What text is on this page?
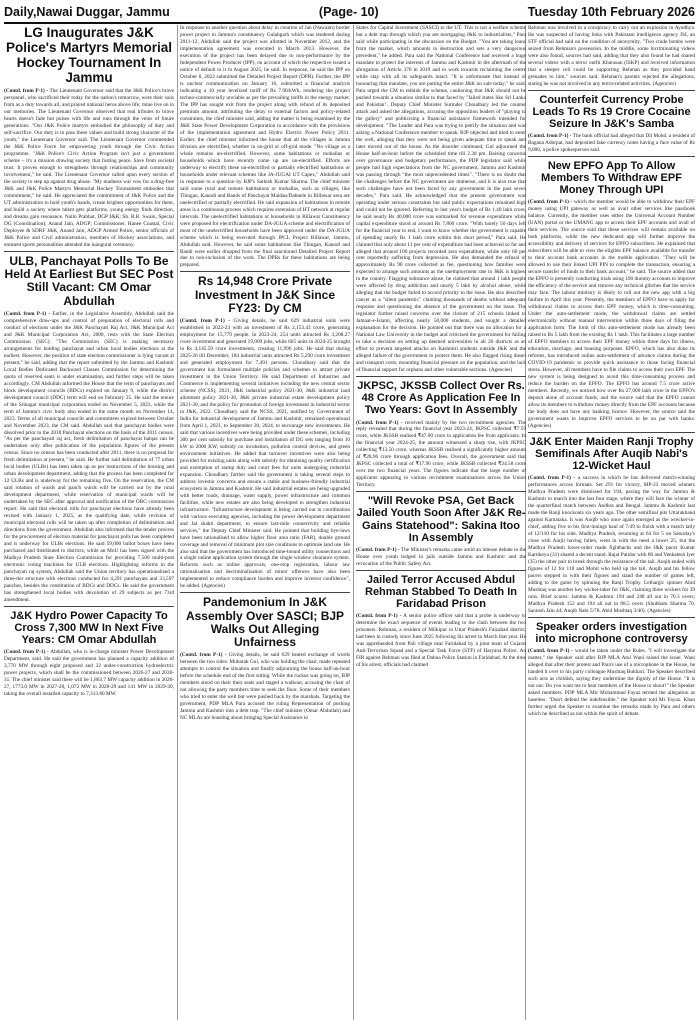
Daily,Nawai Duggar, Jammu	(Page- 10)	Tuesday 10th February 2026
LG Inaugurates J&K Police's Martyrs Memorial Hockey Tournament In Jammu

(Contd. from P-1) - The Lieutenant Governor said that the J&K Police's brave personnel, who sacrificed their today for the nation's tomorrow, were their sons from as a duty towards all, and prayed national heros above life; mine live on in our memories. The Lieutenant Governor observed that real tributes to brave hearts doesn't fade but pulses with life and runs through the veins of future generations. "Our J&K Police martyrs embodied the philosophy of duty and self-sacrifice. Our duty is to pass these values and build strong character of the youth," the Lieutenant Governor said. The Lieutenant Governor commended the J&K Police Force for empowering youth through the Civic Action programme. "J&K Police's Civic Action Program isn't just a government scheme – it's a mission drawing society that fosting peace. Save from societal trust. It proves enough to strengthens through relationships and community involvement," he said. The Lieutenant Governor called upon every section of the society to step up against drug abuse. "My madness war vow for a drug-free J&K and J&K Police Martyrs Memorial Hockey Tournament embodies that commitment," he said. He appreciated the commitment of J&K Police and the UT administration to hold youth's hands, create brighter opportunities for them, and build a society where talent gets platforms, young energy finds direction, and dreams gain resonance. Nalin Prabhat, DGP J&K; Sh. R.R. Swain, Special DG (Coordination); Anand Jain, ADGP; Commissioner, Hanee Coastal, Civic Deployee & SDRF J&K, Anand Jain, ADGP Armed Police, senior officials of J&K Police and Civil administration, members of Hockey associations, and eminent sports personalities attended the inaugural ceremony.

ULB, Panchayat Polls To Be Held At Earliest But SEC Post Still Vacant: CM Omar Abdullah

(Contd. from P-1) - Earlier, in the Legislative Assembly, Abdullah said the comprehensive draw-ups and control of preparation of electoral rolls and conduct of elections under the J&K Panchayati Raj Act, J&K Municipal Act and J&K Municipal Corporation Act, 2000, rests with the State Election Commission (SEC). "The Commission (SEC) is making necessary arrangements for holding panchayat and urban local bodies elections at the earliest. However, the position of state election commissioner is lying vacant at present," he said, adding that the report submitted by the Jammu and Kashmir Local Bodies Dedicated Backward Classes Commission for determining the quota of reserved seats is under examination, and further steps will be taken accordingly. CM Abdullah informed the House that the term of panchayats and block development councils (BDCs) expired on January 9, while the district development council (DDC) term will end on February 25. He said the tenure of the Srinagar municipal corporation ended on November 5, 2023, while the term of Jammu's civic body also ended in the same month on November 14, 2023. Terms of all municipal councils and committees expired between October and November 2023, the CM said. Abdullah said that panchayat bodies were dissolved prior to the 2018 Panchayat elections on the basis of the 2011 census. "As per the panchayati raj act, fresh delimitation of panchayat halqas can be undertaken only after publication of the population figures of the present census. Since no census has been conducted after 2011, there is no proposal for fresh delimitation at present," he said. He further said delimitation of 77 urban local bodies (ULBs) has been taken up as per instructions of the housing and urban development department, adding that the process has been completed for 12 ULBs and is underway for the remaining five. On the reservation, the CM said rotation of wards and panch wards will be carried out by the rural development department, while reservation of municipal wards will be undertaken by the SEC after approval and notification of the OBC commission report. He said that electoral rolls for panchayat elections have already been revised with January 1, 2025, as the qualifying date, while revision of municipal electoral rolls will be taken up after completion of delimitation and directions from the government. Abdullah also informed that the tender process for the procurement of election material for panchayat polls has been completed and is underway for ULBs elections. He said 59,000 ballot boxes have been purchased and distributed to districts, while an MoU has been signed with the Madhya Pradesh State Election Commission for providing 7,500 multi-post electronic voting machines for ULB elections. Highlighting reforms in the panchayati raj system, Abdullah said the Union territory has operationalised a three-tier structure with elections conducted for 4,291 panchayats and 33,597 panches, besides the constitution of BDCs and DDCs. He said the government has strengthened local bodies with devolution of 29 subjects as per 73rd amendment.

J&K Hydro Power Capacity To Cross 7,300 MW In Next Five Years: CM Omar Abdullah

(Contd. from P-1) - Abdullah, who is in-charge minister Power Development Department, said. He said the government has planned a capacity addition of 3,770 MW through eight proposed and 32 under-construction hydroelectric power projects, which shall be the commissioned between 2026-27 and 2030-31. The chief minister said there will be 1,863.7 MW capacity addition in 2026-27, 1773.0 MW in 2027-28, 1,072 MW in 2028-29 and 141 MW in 2029-30, taking the overall installed capacity to 7,313.80 MW.

In response to another question about delay in creation of Jan (Nawaim) border power project in Jammu's constituency Gulabgarh which was tendered during 2011-12, Abdullah said the project was allotted in November 2012, and the implementation agreement was executed in March 2013. However, the execution of the project has been delayed due to non-performance by the Independent Power Producer (IPP), on account of which the respective issued a notice of default to it in August 2025, he said. In response, he said the IPP on October 8, 2022 submitted the Detailed Project Report (DPR). Further, the IPP is unclear communication on January 16, submitted a financial analysis indicating a 10 year levelized tariff of Rs 7.90/kWh, rendering the project techno-commercially unviable as per the prevailing tariffs in the energy market. The IPP has sought exit from the project along with refund of its deposited premium amount, attributing the delay to external factors and policy-related constraints, the chief minister said, adding the matter is being examined by the J&K State Power Development Corporation in accordance with the provisions of the implementation agreement and Hydro Electric Power Policy 2011. Earlier, the chief minister informed the house that all the villages in Jammu division are electrified, whether in on-grid or off-grid mode. "No village as a whole remains un-electrified. However, some habitations or mohallas or households which have recently come up are un-electrified. Efforts are underway to electrify these un-electrified or partially electrified habitations or households under relevant schemes like JA-JUGAI UT Capex," Abdullah said in response to a question by BJP's Sathish Kumar Sharma. The chief minister said some rural and remote habitations or mohallas, such as villages, like Thingan, Kanodi and Bands of Panchayat Maidan/Dabnele in Billawar area are unelectrified or partially electrified. He said expansion of habitations in remote areas is a continuous process which requires extension of HT network at regular intervals. The unelectrified habitations or households in Billawar Constituency were proposed for electrification under DA-JGUA scheme and electrification of most of the unelectrified households have been approved under the DA-JGUA scheme which is being executed through JPCL Project Billawar, Jammu, Abdullah said. However, he said some habitations like Thingan, Kanodi and Bandi were earlier dropped from the final sanctioned Detailed Project Report due to non-inclusion of the work. The DPRs for these habitations are being prepared.

Rs 14,948 Crore Private Investment In J&K Since FY23: Dy CM

(Contd. from P-1) - Giving details, he said 629 industrial units were established in 2022-23 with an investment of Rs 2,153.43 crore, generating employment for 15,779 people. In 2023-24, 254 units attracted Rs 3,208.27 crore investment and generated 19,909 jobs, while 605 units in 2024-25 brought in Rs 4,145.59 crore investments, creating 11,996 jobs. He said that during 2025-26 till December, 184 industrial units attracted Rs 5,290 crore investment and generated employment for 7,491 persons. Choudhary said that the government has formulated multiple policies and schemes to attract private investment in the Union Territory. He said Department of Industries and Commerce is implementing several initiatives including the new central sector scheme (NCSS), 2021, J&K industrial policy 2021-30, J&K industrial land allotment policy 2021-30, J&K private industrial estate development policy 2021-30, and the policy for promotion of foreign investment in industrial sector in J&K, 2022. Choudhary said the NCSS, 2021, notified by Government of India for industrial development of Jammu and Kashmir, remained operational from April 1, 2021, to September 30, 2024, to encourage new investments. He said that various incentives were being provided under these schemes, including 300 per cent subsidy for purchase and installation of DG sets ranging from 10 kW to 2000 KW, subsidy on incubation, pollution control devices, and green environment initiatives. He added that turnover incentives were also being provided for existing units along with subsidy for obtaining quality certification and exemption of stamp duty and court fees for units undergoing industrial expansion. Choudhary further said the government is taking several steps to address investor concerns and ensure a stable and business-friendly industrial ecosystem in Jammu and Kashmir. He said industrial estates are being upgraded with better roads, drainage, water supply, power infrastructure and common facilities, while new estates are also being developed to strengthen industrial infrastructure. "Infrastructure development is being carried out in coordination with various executing agencies, including the power development department and Jal shakti department, to ensure last-mile connectivity and reliable services," the Deputy Chief Minister said. He pointed that building bye-laws have been rationalised to allow higher floor area ratio (FAR), double ground coverage and removal of minimum plot size conditions to optimise land use. He also said that the government has introduced time-bound utility connections and a single online application system through the single window clearance system. Reforms such as online approvals, one-stop registration, labour law rationalisation and decriminalisation of minor offences have also been implemented to reduce compliance burden and improve investor confidence", he added. (Agencies)

Pandemonium In J&K Assembly Over SASCI; BJP Walks Out Alleging Unfairness

(Contd. from P-1) - Giving details, he said 629 heated exchange of words between the two sides. Mubarak Gul, who was holding the chair, made repeated attempts to control the situation and finally adjourning the house half-an-hour before the schedule end of the first sitting. While the ruckus was going on, BJP members stood on their their seats and staged a walkout, accusing the chair of not allowing the party members time to seek the floor. Some of their members who tried to enter the well but were pushed back by the marshals. Targeting the government, PDP MLA Para accused the ruling Representation of pushing Jammu and Kashmir into a debt trap. "The chief minister (Omar Abdullah) and NC MLAs are boasting about bringing Special Assistance to

States for Capital Investment (SASCI) to the UT. This is not a welfare scheme but a debt trap through which you are mortgaging J&K to industrialists," Para said while participating in the discussion on the Budget. "You are taking loans from the market, which amounts to destruction and sets a very dangerous precedent," he added. Para said the National Conference had received a huge mandate to protect the interests of Jammu and Kashmir in the aftermath of the abrogation of Article 370 in 2019 and to work towards reclaiming the centre while stay with all its safeguards intact. "It is unfortunate that instead of honouring that mandate, you are putting the entire J&K on sale today," he said. Para urged the CM to rethink the scheme, cautioning that J&K should not be pushed towards a situation similar to that faced by "failed states like Sri Lanka and Pakistan". Deputy Chief Minister Surinder Choudhary led the counter attack and asked the allegations, accusing the opposition leaders of "playing to the gallery" and politicising a financial assistance framework intended for development. "The Leader and Para was trying to petrify the situation and was asking a National Conference member to speak. BJP objected and tried to enter the well, alleging that they were not being given adequate time to speak and later moved out of the house. As the disorder continued, Gul adjourned the House half-an-hour before the scheduled time till 2.30 pm. Raising concerns over governance and budgetary performance, the PDP legislator said while people had high expectations from the NC government, Jammu and Kashmir was passing through "the most unprecedented times". "There is no doubt that the challenges before the NC government are immense, and it is also true that such challenges have not been faced by any government in the past seven decades," Para said. He acknowledged that the present government was operating under serious constraints but said public expectations remained high and could not be ignored. Referring to last year's budget of Rs 1.40 lakh crore, he said nearly Rs 40,000 crore was earmarked for revenue expenditure while capital expenditure stood at around Rs 7,800 crore. "With barely 50 days left for the financial year to end, I want to know whether the government is capable of spending nearly Rs 1 lakh crore within this short period," Para said. He claimed that only about 11 per cent of expenditure had been achieved so far and alleged that around 100 projects recorded zero expenditure, while only 60 per cent reportedly suffering from depression. He also demanded the refusal of approximately Rs 90 crore collected as fee, questioning how families were expected to arrange such amounts as the unemployment rate in J&K is highest in the country. Flagging substance abuse, he claimed that around 1 lakh people were affected by drug addiction and nearly 5 lakh by alcohol abuse, while alleging that the budget failed to accord priority to the issue. He also described cancer as a "silent pandemic" claiming thousands of deaths without adequate response and questioning the absence of the government on the issue. The legislator further raised concerns over the closure of 215 schools linked to Jamaat-e-Islami, affecting nearly 50,000 students, and sought a detailed explanation for the decision. He pointed out that there was no allocation for a National Law University in the budget and criticised the government for failing to take a decision on setting up deemed universities in all 20 districts as an effort to prevent targeted attacks on Kashmiri students outside J&K and the alleged failure of the government to protect them. He also flagged rising diesel and transport costs, mounting financial pressure on the population, and the lack of financial support for orphans and other vulnerable sections. (Agencies)

JKPSC, JKSSB Collect Over Rs. 48 Crore As Application Fee In Two Years: Govt In Assembly

(Contd. from P-1) - received mainly by the two recruitment agencies. The reply revealed that during the financial year 2023-24, JKPSC collected ₹7.59 crore, while JKSSB realised ₹47.00 crore in application fee from applicants. In the financial year 2024-25, the amount witnessed a sharp rise, with JKPSC collecting ₹13.50 crore, whereas JKSSB realised a significantly higher amount of ₹28.96 crore through application fees. Overall, the government said that JKPSC collected a total of ₹17.96 crore, while JKSSB collected ₹34.58 crore over the two financial years. The figures indicate that the large number of applicants appearing in various recruitment examinations across the Union Territory.

"Will Revoke PSA, Get Back Jailed Youth Soon After J&K Re-Gains Statehood": Sakina Itoo In Assembly

(Contd. from P-1) - The Minister's remarks came amid an intense debate in the House over youth lodged in jails outside Jammu and Kashmir and the revocation of the Public Safety Act.

Jailed Terror Accused Abdul Rehman Stabbed To Death In Faridabad Prison

(Contd. from P-1) - A senior police officer said that a probe is underway to determine the exact sequence of events leading to the clash between the two prisoners. Rehman, a resident of Milkipur in Uttar Pradesh's Faizabad district, had been in custody since June 2025 following his arrest to March that year. He was apprehended from Pali village near Faridabad by a joint team of Gujarat Anti-Terrorism Squad and a Special Task Force (STF) of Haryana Police. An FIR against Rehman was filed at Dabua Police Station in Faridabad. At the time of his arrest, officials had claimed

Rehman was involved in a conspiracy to carry out an explosion in Ayodhya. He was suspected of having links with Pakistani intelligence agency ISI, an STF official had said on the condition of anonymity. "Two crude bombs were seized from Rehman's possession. In the middle, some incriminating videos were also found, sources had said, adding that they also found he had shared several videos with a terror outfit Khurasan (ISKP) and received information that a sleeper cell could be supporting Rehman as they provided hand grenades to him," sources said. Rehman's parents rejected the allegations, stating he was not involved in any terror-related activities. (Agencies)

Counterfeit Currency Probe Leads To Rs 19 Crore Cocaine Seizure In J&K's Samba

(Contd. from P-1) - The bank official had alleged that Dil Mohd, a resident of Bagana Adorpat, had deposited fake currency notes having a face value of Rs 9,000, a police spokesperson said.

New EPFO App To Allow Members To Withdraw EPF Money Through UPI

(Contd. from P-1) - which the member would be able to withdraw their EPF money using UPI gateway as well as avail other services like passbook balance. Currently, the member uses either the Universal Account Number (UAN) portal or the UMANG app to access their EPF accounts and avail of their services. The source said that these services will remain available on both platforms, while the new dedicated app will further improve the accessibility and delivery of services for EPFO subscribers. He explained that subscribers will be able to view the eligible EPF balance available for transfer to their account bank accounts in the mobile application. "They will be allowed to use their linked UPI PIN to complete the transaction, ensuring a secure transfer of funds to their bank account," he said. The source added that the EPFO is presently conducting trials using 100 dummy accounts to improve the efficiency of the service and remove any technical glitches that the service may face. The labour ministry is likely to roll out the new app with a big fanfare in April this year. Presently, the members of EPFO have to apply for withdrawal claims to access their EPF money, which is time-consuming. Under the auto-settlement mode, the withdrawal claims are settled electronically without manual intervention within three days of filing the application form. The limit of this auto-settlement mode has already been raised to Rs 5 lakh from the existing Rs 1 lakh. This facilitates a large number of EPFO members to access their EPF money within three days for illness, education, marriage, and housing purposes. EPFO, which has also done its reforms, has introduced online auto-settlement of advance claims during the COVID-19 pandemic to provide quick assistance to those facing financial stress. However, all members have to file claims to access their own EPF. The new system is being designed to avoid this time-consuming process and reduce the burden on the EPFO. The EPFO has around 7.5 crore active members. Recently, we noticed how over Rs 27,000 lakh crore in the EPFO's deposit alone of account funds, and the source said that the EPFO cannot allow its members to withdraw money directly from the EPF accounts because the body does not have any banking licence. However, the source said the government wants to improve EPFO services to be on par with banks. (Agencies)

J&K Enter Maiden Ranji Trophy Semifinals After Auqib Nabi's 12-Wicket Haul

(Contd. from P-1) - a success in which he has delivered match-winning performances across formats. Set 291 for victory, MP-23 moved winners Madhya Pradesh were dismissed for 194, paving the way for Jammu & Kashmir to march into the last four stage, where they will face the winner of the quarterfinal match between Andhra and Bengal. Jammu & Kashmir last made the Ranji knockouts six years ago. The other semifinal pits Uttarakhand against Karnataka. It was Auqib who once again emerged as the wrecker-in-chief, adding five to his first-innings haul of 7/49 to finish with a match tally of 12/110 for his side. Madhya Pradesh, resuming at 64 for 5 on Saturday's close with Aarjit having fallen, went in with the need a lower 25, but the Madhya Pradesh lower-order made fightbacks and the J&K pacer Kumar Kartikeya (31) shared a decent stand. Rajat Patidar with 80 and Venkatesh Iyer (35) the other pair to break through the resistance of the tail. Auqib ended with figures of 12 for 110 and Mohit who held up the tail, Auqib and his fellow pacers stepped in with their figures and stand the number of games left, adding to the game by spinning the Ranji Trophy. Lethargic spinner Abid Mushtaq was another key wicket-taker for J&K, claiming three wickets for 39 runs. Brief scores: Jammu & Kashmir 194 and 248 all out in 70.3 overs; Madhya Pradesh 152 and 194 all out in 68.5 overs (Shubham Sharma 70, Saransh Jain 44; Auqib Nabi 5/78, Abid Mushtaq 3/40). (Agencies)

Speaker orders investigation into microphone controversy

(Contd. from P-1) - would be taken under the Rules. "I will investigate the matter," the Speaker said after BJP MLA Atul Wani raised the issue. Wani alleged that after their protest and Para's use of a microphone in the House, he handed it over to his party colleague Mushtaq Bukhari. The Speaker described such acts as childish, saying they undermine the dignity of the House. "It is not our. Do you want me to hear members of the House to shout?" the Speaker asked members. PDP MLA Mir Mohammad Fayaz termed the allegation as baseless. "Don't defend the indefensible," the Speaker told Mr Fayaz. Khan further urged the Speaker to examine the remarks made by Para and others which he described as not within the spirit of debate.
